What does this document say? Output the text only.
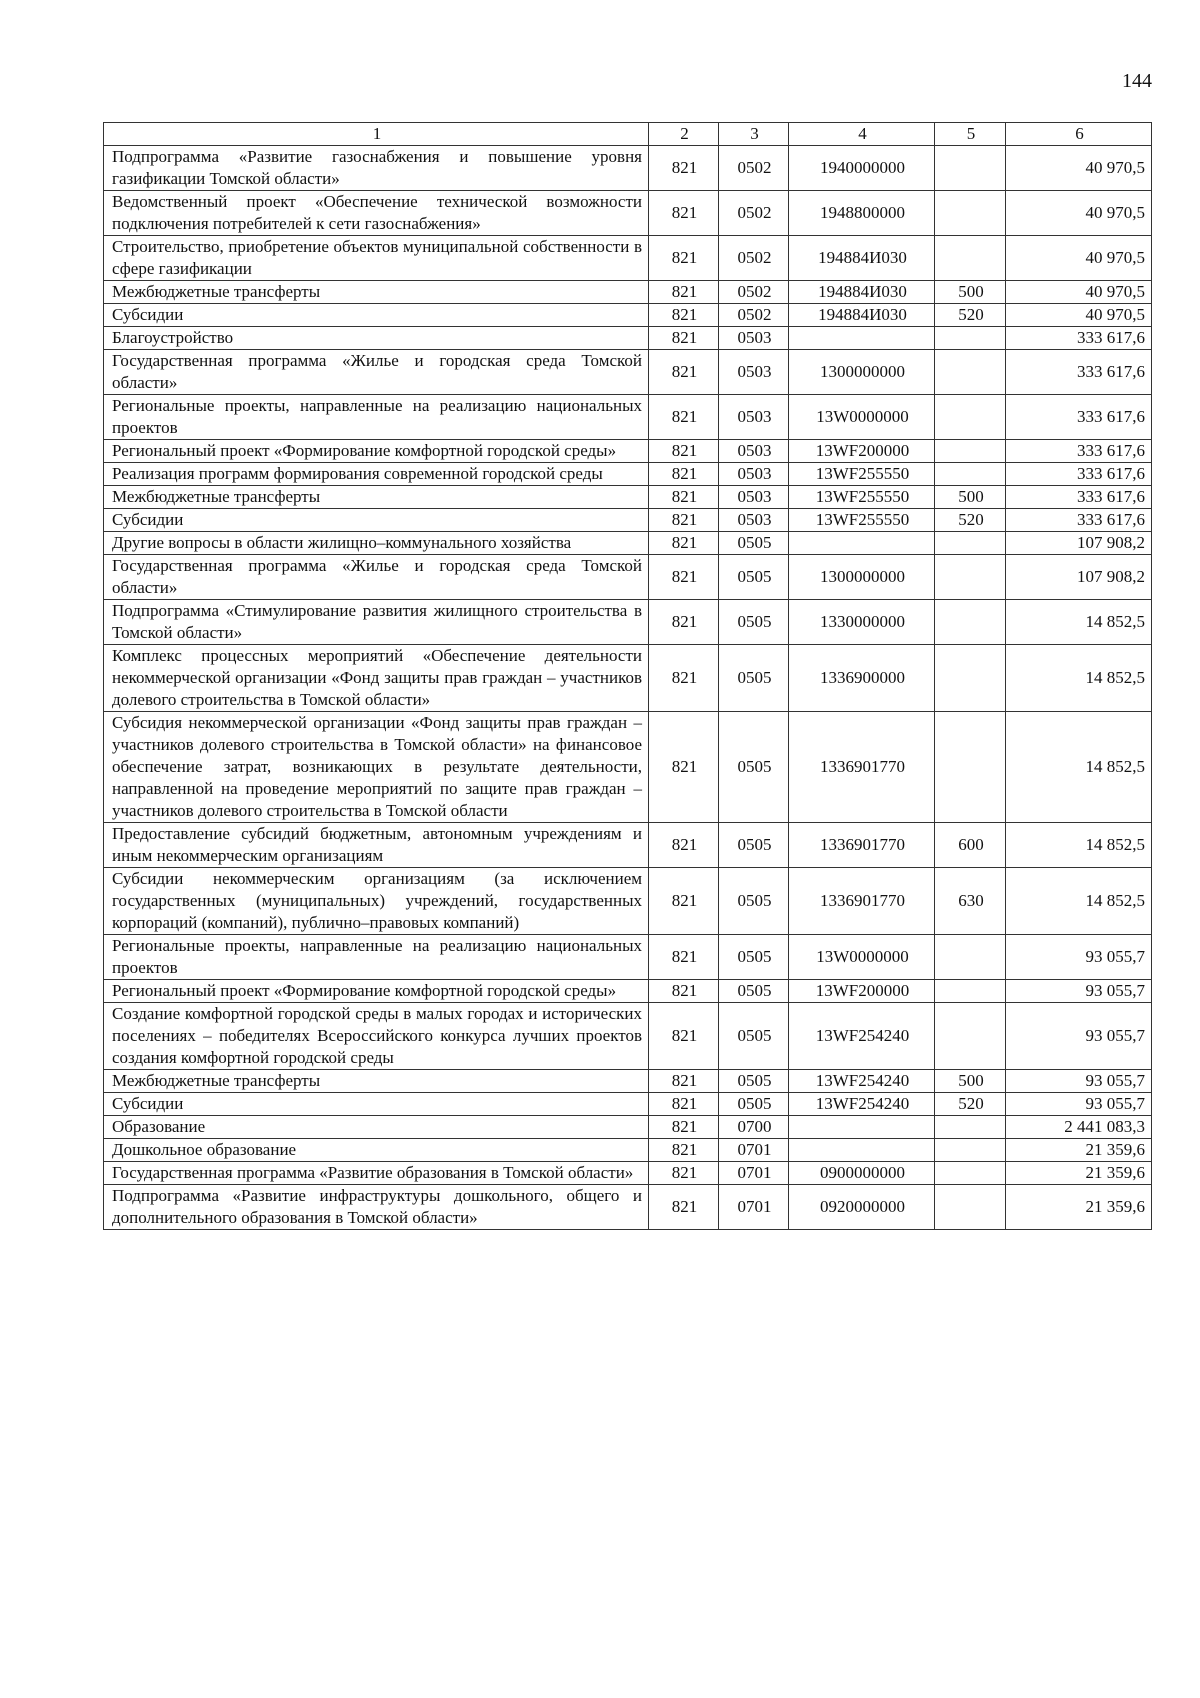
144
1	2	3	4	5	6
Подпрограмма «Развитие газоснабжения и повышение уровня газификации Томской области»	821	0502	1940000000		40 970,5
Ведомственный проект «Обеспечение технической возможности подключения потребителей к сети газоснабжения»	821	0502	1948800000		40 970,5
Строительство, приобретение объектов муниципальной собственности в сфере газификации	821	0502	194884И030		40 970,5
Межбюджетные трансферты	821	0502	194884И030	500	40 970,5
Субсидии	821	0502	194884И030	520	40 970,5
Благоустройство	821	0503			333 617,6
Государственная программа «Жилье и городская среда Томской области»	821	0503	1300000000		333 617,6
Региональные проекты, направленные на реализацию национальных проектов	821	0503	13W0000000		333 617,6
Региональный проект «Формирование комфортной городской среды»	821	0503	13WF200000		333 617,6
Реализация программ формирования современной городской среды	821	0503	13WF255550		333 617,6
Межбюджетные трансферты	821	0503	13WF255550	500	333 617,6
Субсидии	821	0503	13WF255550	520	333 617,6
Другие вопросы в области жилищно–коммунального хозяйства	821	0505			107 908,2
Государственная программа «Жилье и городская среда Томской области»	821	0505	1300000000		107 908,2
Подпрограмма «Стимулирование развития жилищного строительства в Томской области»	821	0505	1330000000		14 852,5
Комплекс процессных мероприятий «Обеспечение деятельности некоммерческой организации «Фонд защиты прав граждан – участников долевого строительства в Томской области»	821	0505	1336900000		14 852,5
Субсидия некоммерческой организации «Фонд защиты прав граждан – участников долевого строительства в Томской области» на финансовое обеспечение затрат, возникающих в результате деятельности, направленной на проведение мероприятий по защите прав граждан – участников долевого строительства в Томской области	821	0505	1336901770		14 852,5
Предоставление субсидий бюджетным, автономным учреждениям и иным некоммерческим организациям	821	0505	1336901770	600	14 852,5
Субсидии некоммерческим организациям (за исключением государственных (муниципальных) учреждений, государственных корпораций (компаний), публично–правовых компаний)	821	0505	1336901770	630	14 852,5
Региональные проекты, направленные на реализацию национальных проектов	821	0505	13W0000000		93 055,7
Региональный проект «Формирование комфортной городской среды»	821	0505	13WF200000		93 055,7
Создание комфортной городской среды в малых городах и исторических поселениях – победителях Всероссийского конкурса лучших проектов создания комфортной городской среды	821	0505	13WF254240		93 055,7
Межбюджетные трансферты	821	0505	13WF254240	500	93 055,7
Субсидии	821	0505	13WF254240	520	93 055,7
Образование	821	0700			2 441 083,3
Дошкольное образование	821	0701			21 359,6
Государственная программа «Развитие образования в Томской области»	821	0701	0900000000		21 359,6
Подпрограмма «Развитие инфраструктуры дошкольного, общего и дополнительного образования в Томской области»	821	0701	0920000000		21 359,6
